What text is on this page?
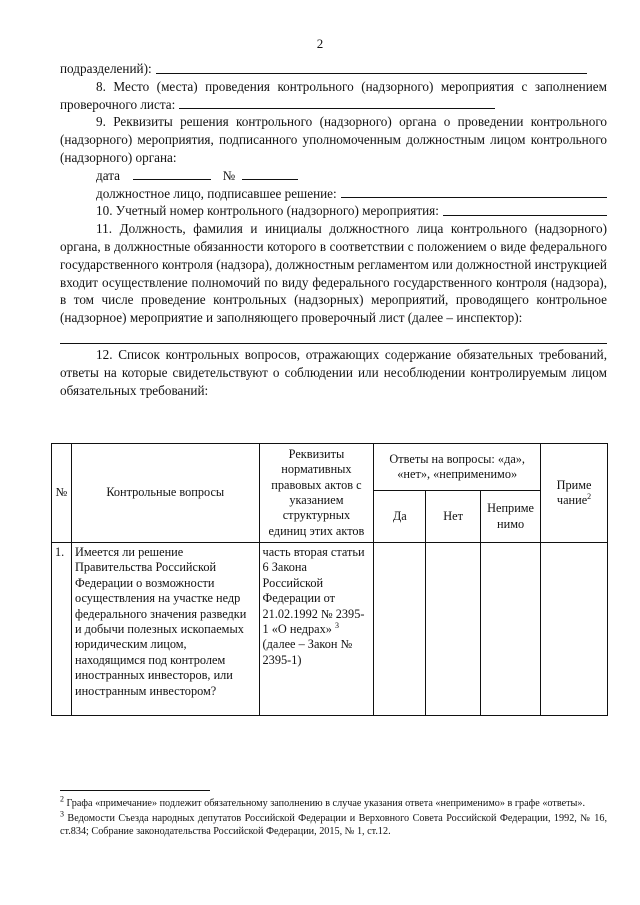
2
подразделений):

8. Место (места) проведения контрольного (надзорного) мероприятия с заполнением проверочного листа:

9. Реквизиты решения контрольного (надзорного) органа о проведении контрольного (надзорного) мероприятия, подписанного уполномоченным должностным лицом контрольного (надзорного) органа:

дата	№
должностное лицо, подписавшее решение:
10. Учетный номер контрольного (надзорного) мероприятия:

11. Должность, фамилия и инициалы должностного лица контрольного (надзорного) органа, в должностные обязанности которого в соответствии с положением о виде федерального государственного контроля (надзора), должностным регламентом или должностной инструкцией входит осуществление полномочий по виду федерального государственного контроля (надзора), в том числе проведение контрольных (надзорных) мероприятий, проводящего контрольное (надзорное) мероприятие и заполняющего проверочный лист (далее – инспектор):

12. Список контрольных вопросов, отражающих содержание обязательных требований, ответы на которые свидетельствуют о соблюдении или несоблюдении контролируемым лицом обязательных требований:

№	Контрольные вопросы	Реквизиты нормативных правовых актов с указанием структурных единиц этих актов	Ответы на вопросы: «да», «нет», «неприменимо»			Приме чание$^2$
			Да	Нет	Неприме нимо	
1.	Имеется ли решение Правительства Российской Федерации о возможности осуществления на участке недр федерального значения разведки и добычи полезных ископаемых юридическим лицом, находящимся под контролем иностранных инвесторов, или иностранным инвестором?	часть вторая статьи 6 Закона Российской Федерации от 21.02.1992 № 2395-1 «О недрах» $^3$ (далее – Закон № 2395-1)				

$^2$ Графа «примечание» подлежит обязательному заполнению в случае указания ответа «неприменимо» в графе «ответы».

$^3$ Ведомости Съезда народных депутатов Российской Федерации и Верховного Совета Российской Федерации, 1992, № 16, ст.834; Собрание законодательства Российской Федерации, 2015, № 1, ст.12.
